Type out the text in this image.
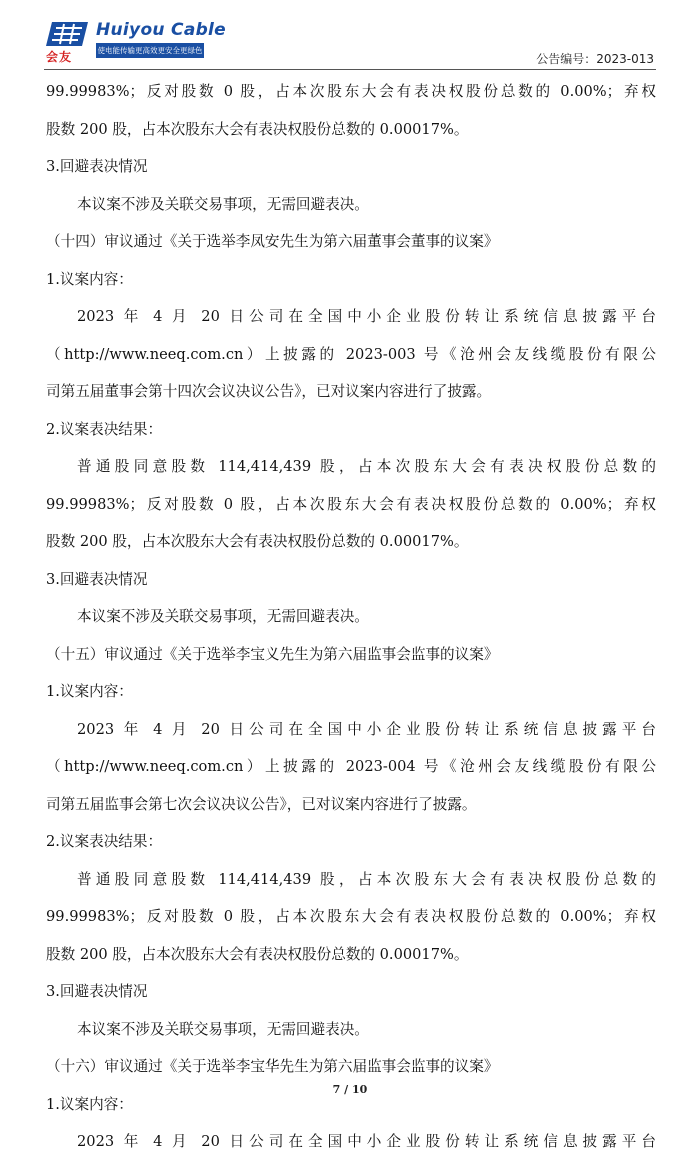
Huiyou Cable
使电能传输更高效更安全更绿色
会友	公告编号：2023-013

99.99983%；反对股数 0 股，占本次股东大会有表决权股份总数的 0.00%；弃权

股数 200 股，占本次股东大会有表决权股份总数的 0.00017%。

3.回避表决情况

本议案不涉及关联交易事项，无需回避表决。

（十四）审议通过《关于选举李凤安先生为第六届董事会董事的议案》

1.议案内容：

2023 年 4 月 20 日公司在全国中小企业股份转让系统信息披露平台

（http://www.neeq.com.cn）上披露的 2023-003 号《沧州会友线缆股份有限公

司第五届董事会第十四次会议决议公告》，已对议案内容进行了披露。

2.议案表决结果：

普通股同意股数 114,414,439 股，占本次股东大会有表决权股份总数的

99.99983%；反对股数 0 股，占本次股东大会有表决权股份总数的 0.00%；弃权

股数 200 股，占本次股东大会有表决权股份总数的 0.00017%。

3.回避表决情况

本议案不涉及关联交易事项，无需回避表决。

（十五）审议通过《关于选举李宝义先生为第六届监事会监事的议案》

1.议案内容：

2023 年 4 月 20 日公司在全国中小企业股份转让系统信息披露平台

（http://www.neeq.com.cn）上披露的 2023-004 号《沧州会友线缆股份有限公

司第五届监事会第七次会议决议公告》，已对议案内容进行了披露。

2.议案表决结果：

普通股同意股数 114,414,439 股，占本次股东大会有表决权股份总数的

99.99983%；反对股数 0 股，占本次股东大会有表决权股份总数的 0.00%；弃权

股数 200 股，占本次股东大会有表决权股份总数的 0.00017%。

3.回避表决情况

本议案不涉及关联交易事项，无需回避表决。

（十六）审议通过《关于选举李宝华先生为第六届监事会监事的议案》

1.议案内容：

2023 年 4 月 20 日公司在全国中小企业股份转让系统信息披露平台

7 / 10
